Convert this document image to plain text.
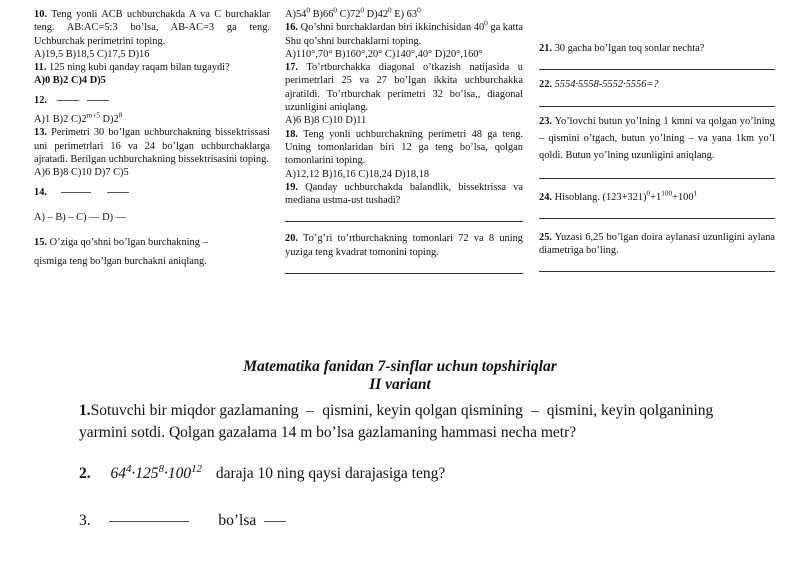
10. Teng yonli ACB uchburchakda A va C burchaklar teng. AB:AC=5:3 bo’lsa, AB-AC=3 ga teng. Uchburchak perimetrini toping.

A)19,5 B)18,5 C)17,5 D)16

11. 125 ning kubi qanday raqam bilan tugaydi?

A)0 B)2 C)4 D)5

12.

A)1 B)2 $C)2^{m+5}$ $D)2^8$

13. Perimetri 30 bo’lgan uchburchakning bissektrissasi uni perimetrlari 16 va 24 bo’lgan uchburchaklarga ajratadi. Berilgan uchburchakning bissektrisasini toping.

A)6 B)8 C)10 D)7 C)5

14.

A) – B) – C) — D) —

15. O’ziga qo’shni bo’lgan burchakning –

qismiga teng bo’lgan burchakni aniqlang.

$A)54^0$ $B)66^0$ $C)72^0$ $D)42^0$ E) $63^0$

16. Qo’shni burchaklardan biri ikkinchisidan $40^0$ ga katta Shu qo’shni burchaklarni toping.

A)110°,70° B)160°,20° C)140°,40° D)20°,160°

17. To’rtburchakka diagonal o’tkazish natijasida u perimetrlari 25 va 27 bo’lgan ikkita uchburchakka ajratildi. To’rtburchak perimetri 32 bo’lsa,, diagonal uzunligini aniqlang.

A)6 B)8 C)10 D)11

18. Teng yonli uchburchakning perimetri 48 ga teng. Uning tomonlaridan biri 12 ga teng bo’lsa, qolgan tomonlarini toping.

A)12,12 B)16,16 C)18,24 D)18,18

19. Qanday uchburchakda balandlik, bissektrissa va mediana ustma-ust tushadi?

20. To’g’ri to’rtburchakning tomonlari 72 va 8 uning yuziga teng kvadrat tomonini toping.

21. 30 gacha bo’lgan toq sonlar nechta?

22. 5554·5558-5552·5556=?

23. Yo’lovchi butun yo’lning 1 kmni va qolgan yo’lning – qismini o’tgach, butun yo’lning – va yana 1km yo’l qoldi. Butun yo’lning uzunligini aniqlang.

24. Hisoblang. $(123+321)^0+1^{100}+100^1$

25. Yuzasi 6,25 bo’lgan doira aylanasi uzunligini aylana diametriga bo’ling.

Matematika fanidan 7-sinflar uchun topshiriqlar
II variant
1.Sotuvchi bir miqdor gazlamaning qismini, keyin qolgan qismining qismini, keyin qolganining
yarmini sotdi. Qolgan gazalama 14 m bo’lsa gazlamaning hammasi necha metr?
2. $64^4\cdot 125^8\cdot 100^{12}$ daraja 10 ning qaysi darajasiga teng?
3.	bo’lsa
